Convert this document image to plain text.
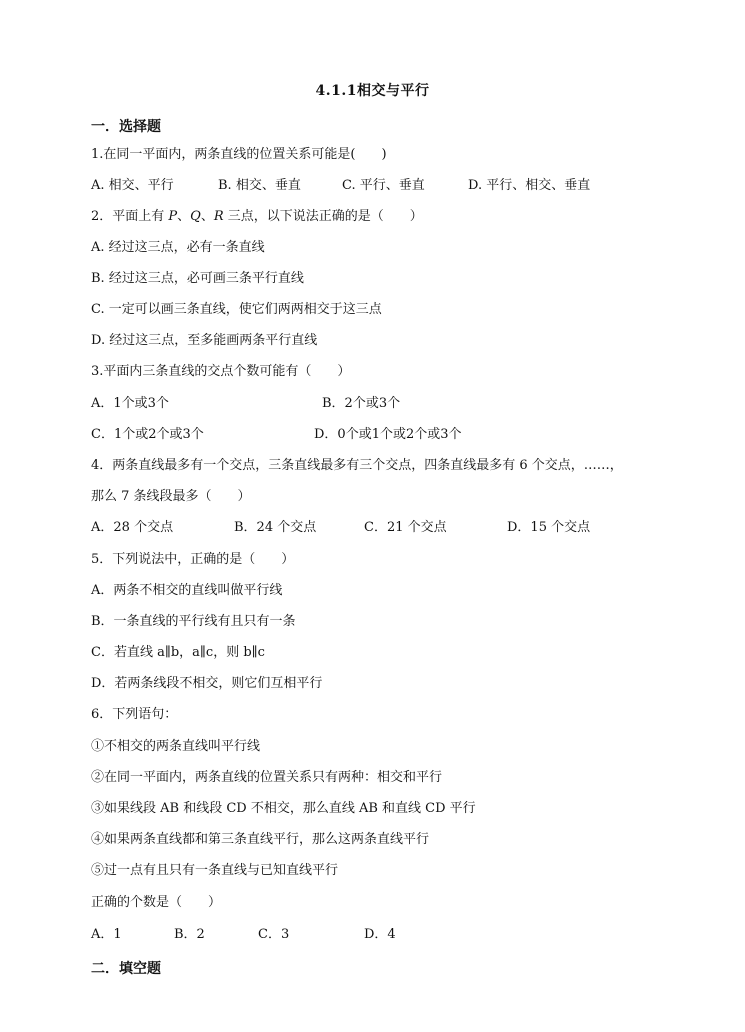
4.1.1相交与平行
一．选择题
1.在同一平面内，两条直线的位置关系可能是(　　)
A. 相交、平行	B. 相交、垂直	C. 平行、垂直	D. 平行、相交、垂直
2．平面上有 P、Q、R 三点，以下说法正确的是（　　）
A. 经过这三点，必有一条直线
B. 经过这三点，必可画三条平行直线
C. 一定可以画三条直线，使它们两两相交于这三点
D. 经过这三点，至多能画两条平行直线
3.平面内三条直线的交点个数可能有（　　）
A．1个或3个	B．2个或3个
C．1个或2个或3个	D．0个或1个或2个或3个
4．两条直线最多有一个交点，三条直线最多有三个交点，四条直线最多有 6 个交点，……，
那么 7 条线段最多（　　）
A．28 个交点	B．24 个交点	C．21 个交点	D．15 个交点
5．下列说法中，正确的是（　　）
A．两条不相交的直线叫做平行线
B．一条直线的平行线有且只有一条
C．若直线 a∥b，a∥c，则 b∥c
D．若两条线段不相交，则它们互相平行
6．下列语句：
①不相交的两条直线叫平行线
②在同一平面内，两条直线的位置关系只有两种：相交和平行
③如果线段 AB 和线段 CD 不相交，那么直线 AB 和直线 CD 平行
④如果两条直线都和第三条直线平行，那么这两条直线平行
⑤过一点有且只有一条直线与已知直线平行
正确的个数是（　　）
A．1	B．2	C．3	D．4
二．填空题
